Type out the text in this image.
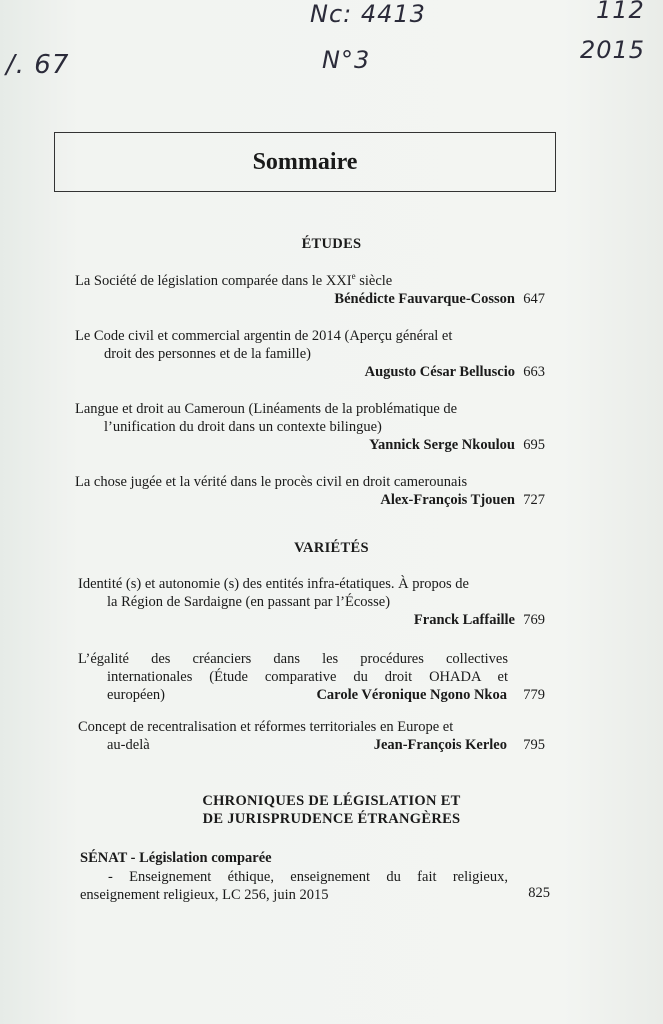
/. 67
Nc: 4413
N°3
112
2015
Sommaire
ÉTUDES
La Société de législation comparée dans le XXIe siècle
Bénédicte Fauvarque-Cosson 647
Le Code civil et commercial argentin de 2014 (Aperçu général et
droit des personnes et de la famille)
Augusto César Belluscio 663
Langue et droit au Cameroun (Linéaments de la problématique de
l’unification du droit dans un contexte bilingue)
Yannick Serge Nkoulou 695
La chose jugée et la vérité dans le procès civil en droit camerounais
Alex-François Tjouen 727
VARIÉTÉS
Identité (s) et autonomie (s) des entités infra-étatiques. À propos de
la Région de Sardaigne (en passant par l’Écosse)
Franck Laffaille 769
L’égalité des créanciers dans les procédures collectives
internationales (Étude comparative du droit OHADA et
européen)	Carole Véronique Ngono Nkoa 779
Concept de recentralisation et réformes territoriales en Europe et
au-delà	Jean-François Kerleo 795
CHRONIQUES DE LÉGISLATION ET
DE JURISPRUDENCE ÉTRANGÈRES
SÉNAT - Législation comparée
- Enseignement éthique, enseignement du fait religieux,
enseignement religieux, LC 256, juin 2015	825
